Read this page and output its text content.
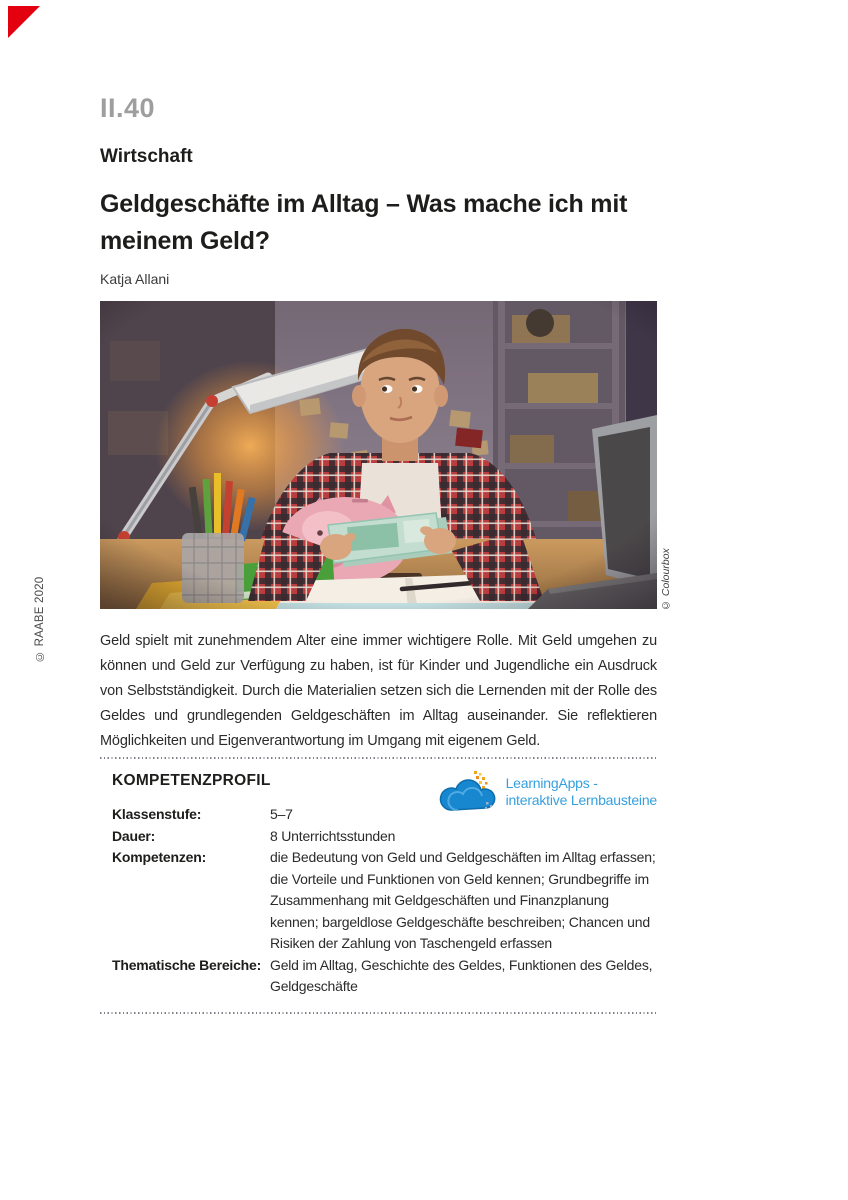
© RAABE 2020
II.40
Wirtschaft
Geldgeschäfte im Alltag – Was mache ich mit
meinem Geld?
Katja Allani
© Colourbox

Geld spielt mit zunehmendem Alter eine immer wichtigere Rolle. Mit Geld umgehen zu können und Geld zur Verfügung zu haben, ist für Kinder und Jugendliche ein Ausdruck von Selbstständigkeit. Durch die Materialien setzen sich die Lernenden mit der Rolle des Geldes und grundlegenden Geldgeschäften im Alltag auseinander. Sie reflektieren Möglichkeiten und Eigenverantwortung im Umgang mit eigenem Geld.

KOMPETENZPROFIL	LearningApps -
interaktive Lernbausteine
Klassenstufe:	5–7
Dauer:	8 Unterrichtsstunden
Kompetenzen:	die Bedeutung von Geld und Geldgeschäften im Alltag erfassen; die Vorteile und Funktionen von Geld kennen; Grundbegriffe im Zusammenhang mit Geldgeschäften und Finanzplanung kennen; bargeldlose Geldgeschäfte beschreiben; Chancen und Risiken der Zahlung von Taschengeld erfassen
Thematische Bereiche: Geld im Alltag, Geschichte des Geldes, Funktionen des Geldes, Geldgeschäfte
